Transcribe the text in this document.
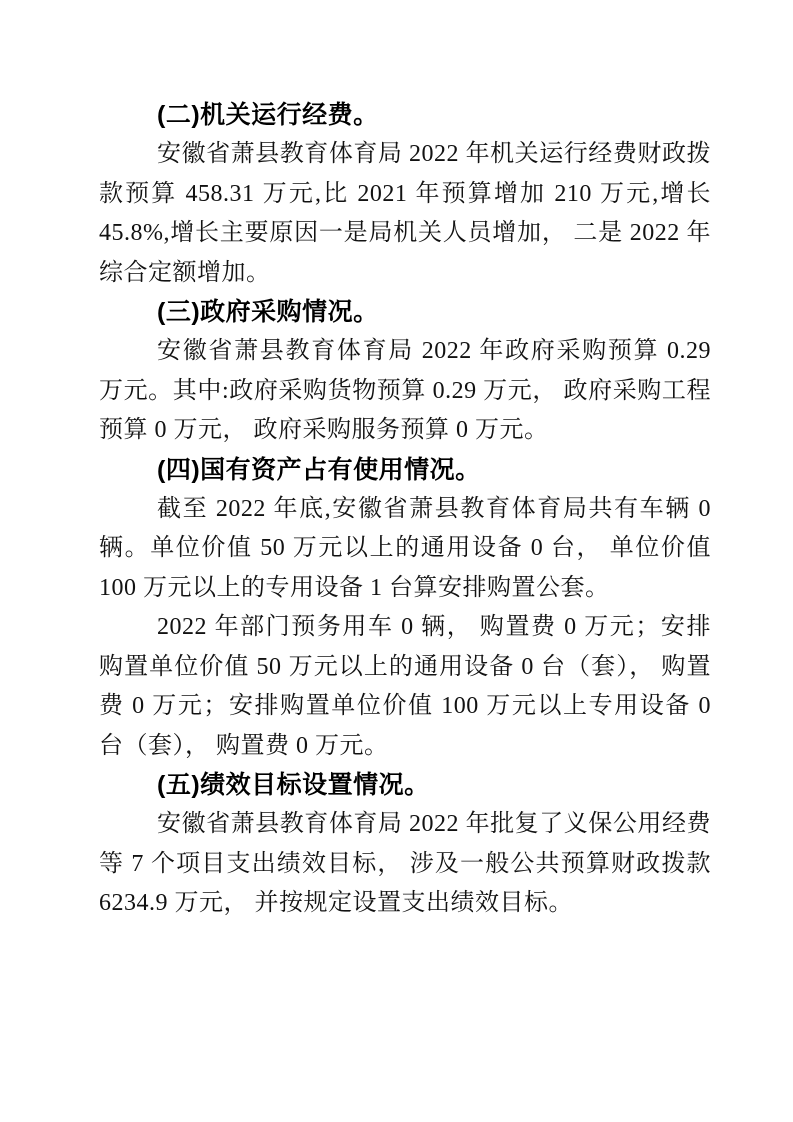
(二)机关运行经费。

安徽省萧县教育体育局 2022 年机关运行经费财政拨款预算 458.31 万元,比 2021 年预算增加 210 万元,增长 45.8%,增长主要原因一是局机关人员增加， 二是 2022 年综合定额增加。

(三)政府采购情况。

安徽省萧县教育体育局 2022 年政府采购预算 0.29 万元。其中:政府采购货物预算 0.29 万元， 政府采购工程预算 0 万元， 政府采购服务预算 0 万元。

(四)国有资产占有使用情况。

截至 2022 年底,安徽省萧县教育体育局共有车辆 0 辆。单位价值 50 万元以上的通用设备 0 台， 单位价值 100 万元以上的专用设备 1 台算安排购置公套。

2022 年部门预务用车 0 辆， 购置费 0 万元；安排购置单位价值 50 万元以上的通用设备 0 台（套）， 购置费 0 万元；安排购置单位价值 100 万元以上专用设备 0 台（套）， 购置费 0 万元。

(五)绩效目标设置情况。

安徽省萧县教育体育局 2022 年批复了义保公用经费等 7 个项目支出绩效目标， 涉及一般公共预算财政拨款 6234.9 万元， 并按规定设置支出绩效目标。
